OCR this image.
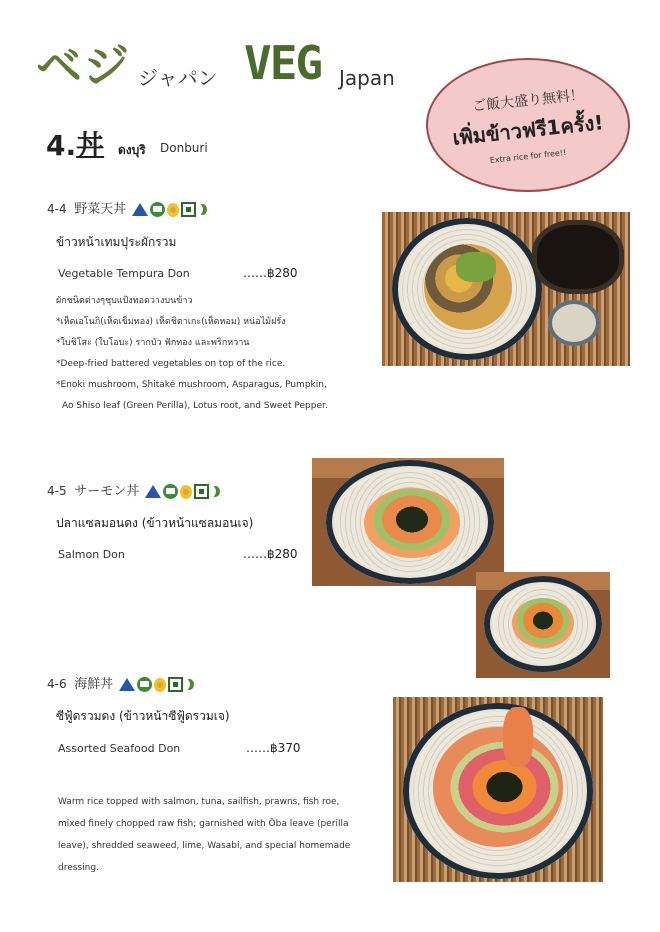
ベジ ジャパン VEG Japan
ご飯大盛り無料！
เพิ่มข้าวฟรี1ครั้ง!
Extra rice for free!!
4.丼 ดงบุริ Donburi
4-4 野菜天丼
ข้าวหน้าเทมปุระผักรวม
Vegetable Tempura Don	……฿280
ผักชนิดต่างๆชุบแป้งทอดวางบนข้าว
*เห็ดเอโนกิ(เห็ดเข็มทอง) เห็ดชิตาเกะ(เห็ดหอม) หน่อไม้ฝรั่ง
*ใบชิโสะ (ใบโอบะ) รากบัว ฟักทอง และพริกหวาน
*Deep-fried battered vegetables on top of the rice.
*Enoki mushroom, Shitaké mushroom, Asparagus, Pumpkin,
Ao Shiso leaf (Green Perilla), Lotus root, and Sweet Pepper.
4-5 サーモン丼
ปลาแซลมอนดง (ข้าวหน้าแซลมอนเจ)
Salmon Don	……฿280
4-6 海鮮丼
ซีฟู้ดรวมดง (ข้าวหน้าซีฟู้ดรวมเจ)
Assorted Seafood Don	……฿370
Warm rice topped with salmon, tuna, sailfish, prawns, fish roe,
mixed finely chopped raw fish; garnished with Ōba leave (perilla
leave), shredded seaweed, lime, Wasabi, and special homemade
dressing.
